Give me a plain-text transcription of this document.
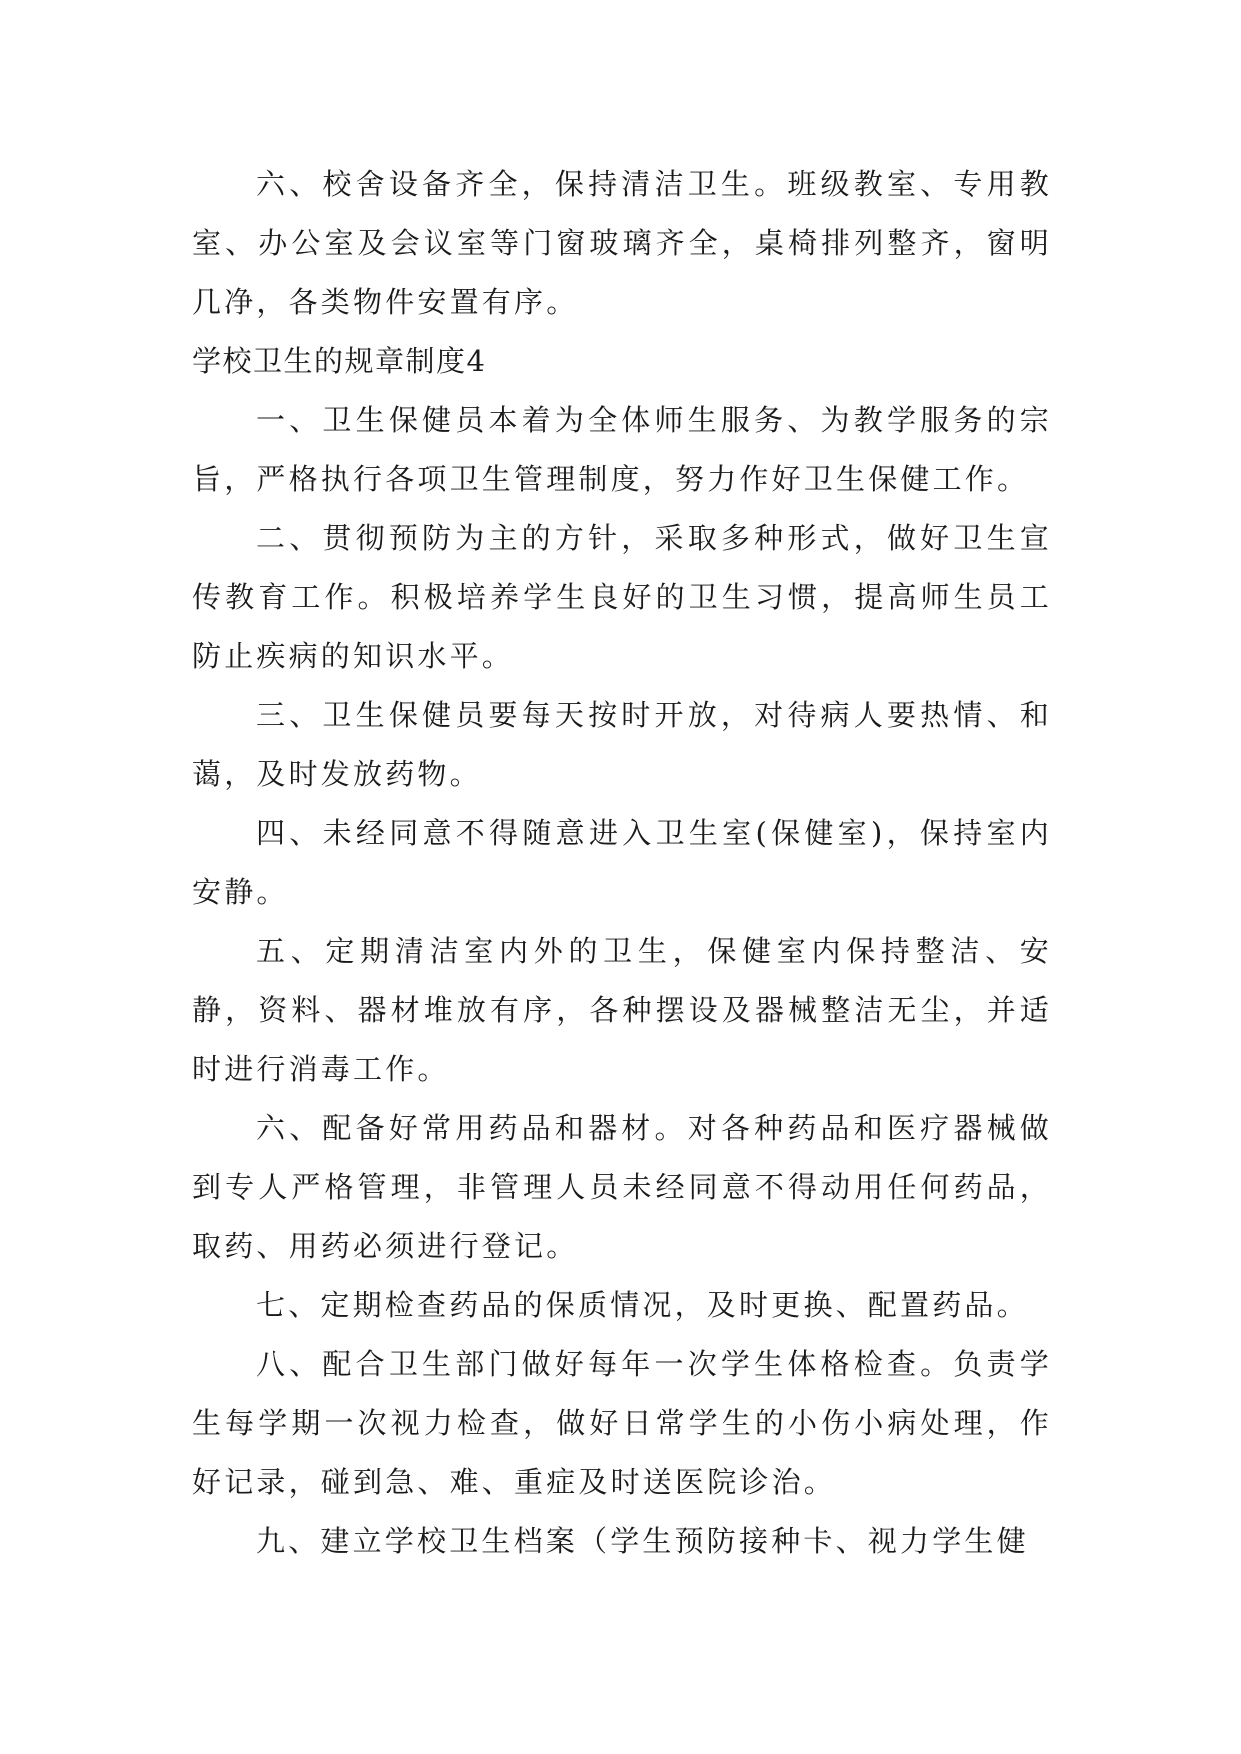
六、校舍设备齐全，保持清洁卫生。班级教室、专用教室、办公室及会议室等门窗玻璃齐全，桌椅排列整齐，窗明几净，各类物件安置有序。

学校卫生的规章制度4

一、卫生保健员本着为全体师生服务、为教学服务的宗旨，严格执行各项卫生管理制度，努力作好卫生保健工作。

二、贯彻预防为主的方针，采取多种形式，做好卫生宣传教育工作。积极培养学生良好的卫生习惯，提高师生员工防止疾病的知识水平。

三、卫生保健员要每天按时开放，对待病人要热情、和蔼，及时发放药物。

四、未经同意不得随意进入卫生室(保健室)，保持室内安静。

五、定期清洁室内外的卫生，保健室内保持整洁、安静，资料、器材堆放有序，各种摆设及器械整洁无尘，并适时进行消毒工作。

六、配备好常用药品和器材。对各种药品和医疗器械做到专人严格管理，非管理人员未经同意不得动用任何药品，取药、用药必须进行登记。

七、定期检查药品的保质情况，及时更换、配置药品。

八、配合卫生部门做好每年一次学生体格检查。负责学生每学期一次视力检查，做好日常学生的小伤小病处理，作好记录，碰到急、难、重症及时送医院诊治。

九、建立学校卫生档案（学生预防接种卡、视力学生健
